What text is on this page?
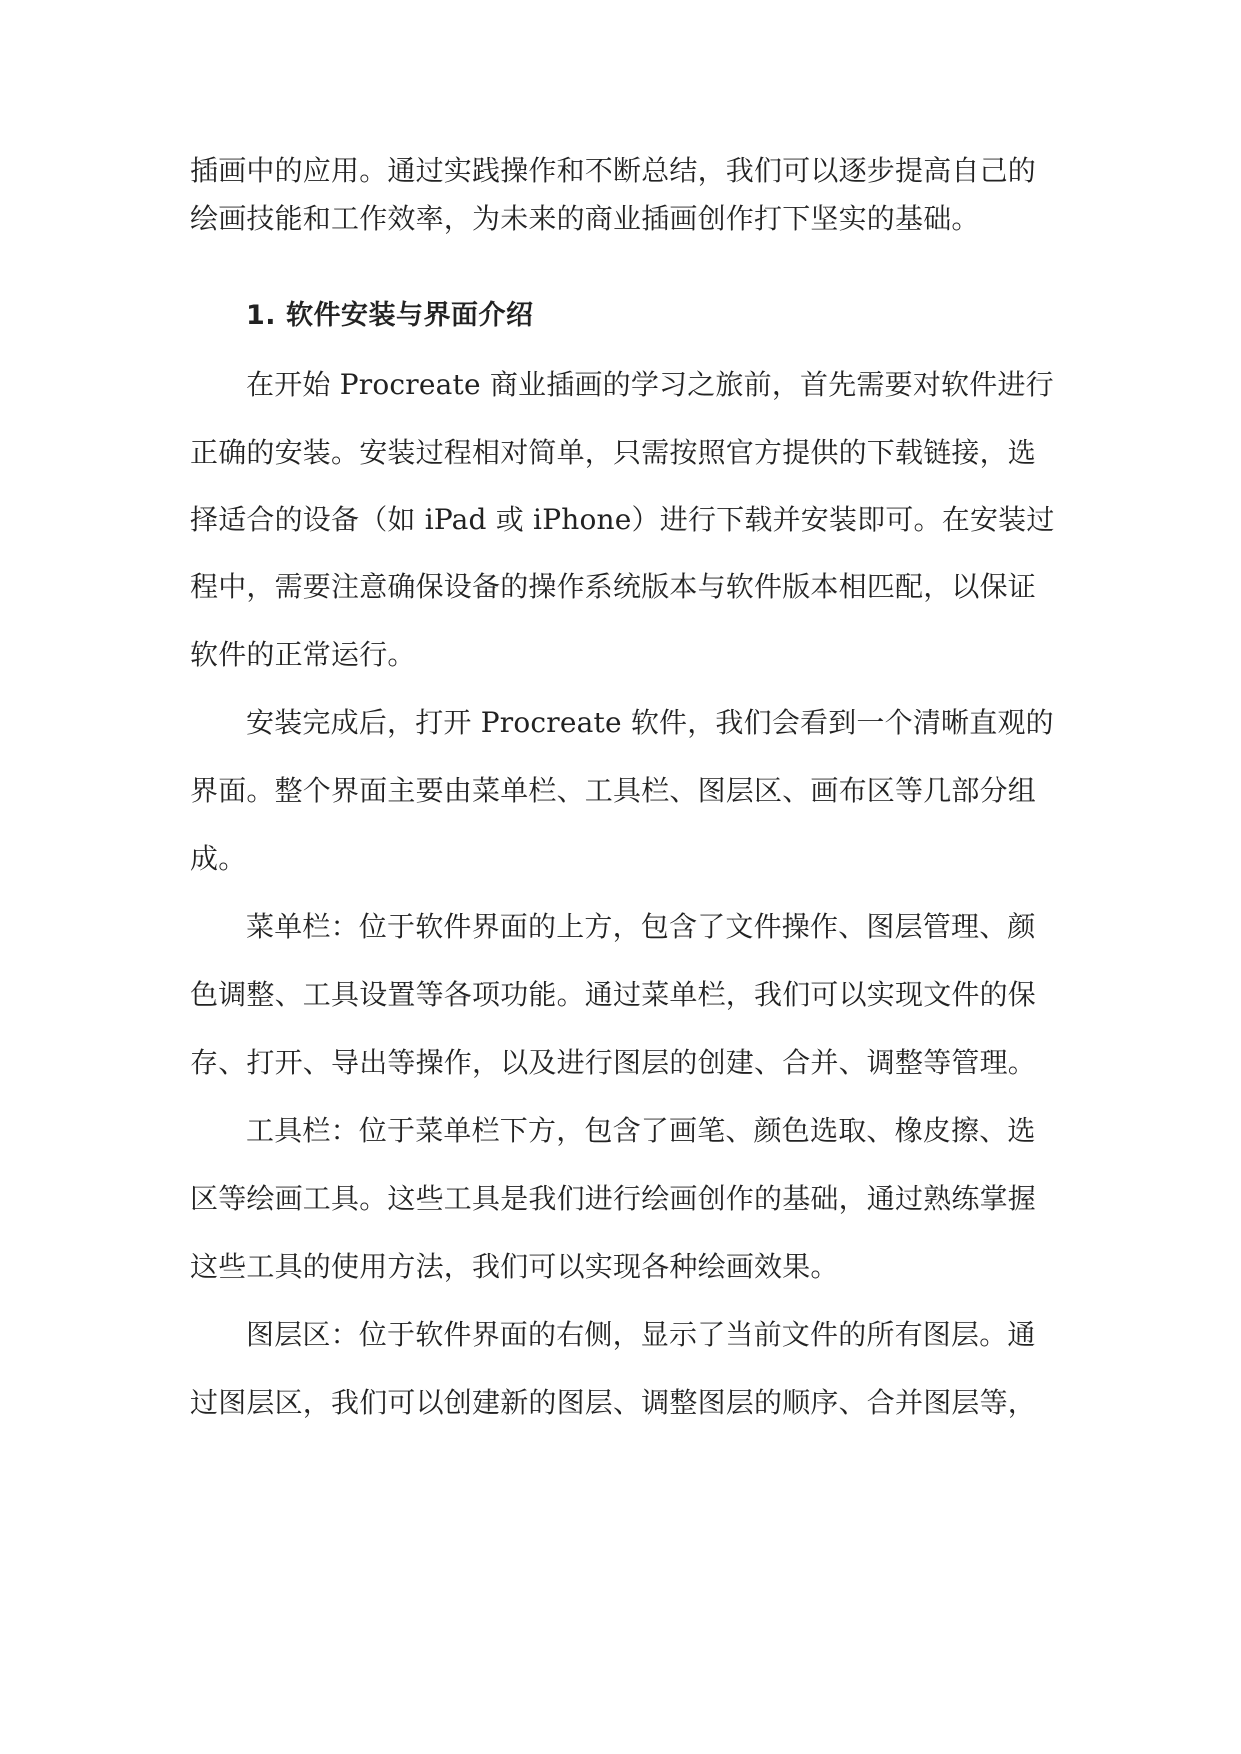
插画中的应用。通过实践操作和不断总结，我们可以逐步提高自己的
绘画技能和工作效率，为未来的商业插画创作打下坚实的基础。
1. 软件安装与界面介绍
在开始 Procreate 商业插画的学习之旅前，首先需要对软件进行
正确的安装。安装过程相对简单，只需按照官方提供的下载链接，选
择适合的设备（如 iPad 或 iPhone）进行下载并安装即可。在安装过
程中，需要注意确保设备的操作系统版本与软件版本相匹配，以保证
软件的正常运行。
安装完成后，打开 Procreate 软件，我们会看到一个清晰直观的
界面。整个界面主要由菜单栏、工具栏、图层区、画布区等几部分组
成。
菜单栏：位于软件界面的上方，包含了文件操作、图层管理、颜
色调整、工具设置等各项功能。通过菜单栏，我们可以实现文件的保
存、打开、导出等操作，以及进行图层的创建、合并、调整等管理。
工具栏：位于菜单栏下方，包含了画笔、颜色选取、橡皮擦、选
区等绘画工具。这些工具是我们进行绘画创作的基础，通过熟练掌握
这些工具的使用方法，我们可以实现各种绘画效果。
图层区：位于软件界面的右侧，显示了当前文件的所有图层。通
过图层区，我们可以创建新的图层、调整图层的顺序、合并图层等，
